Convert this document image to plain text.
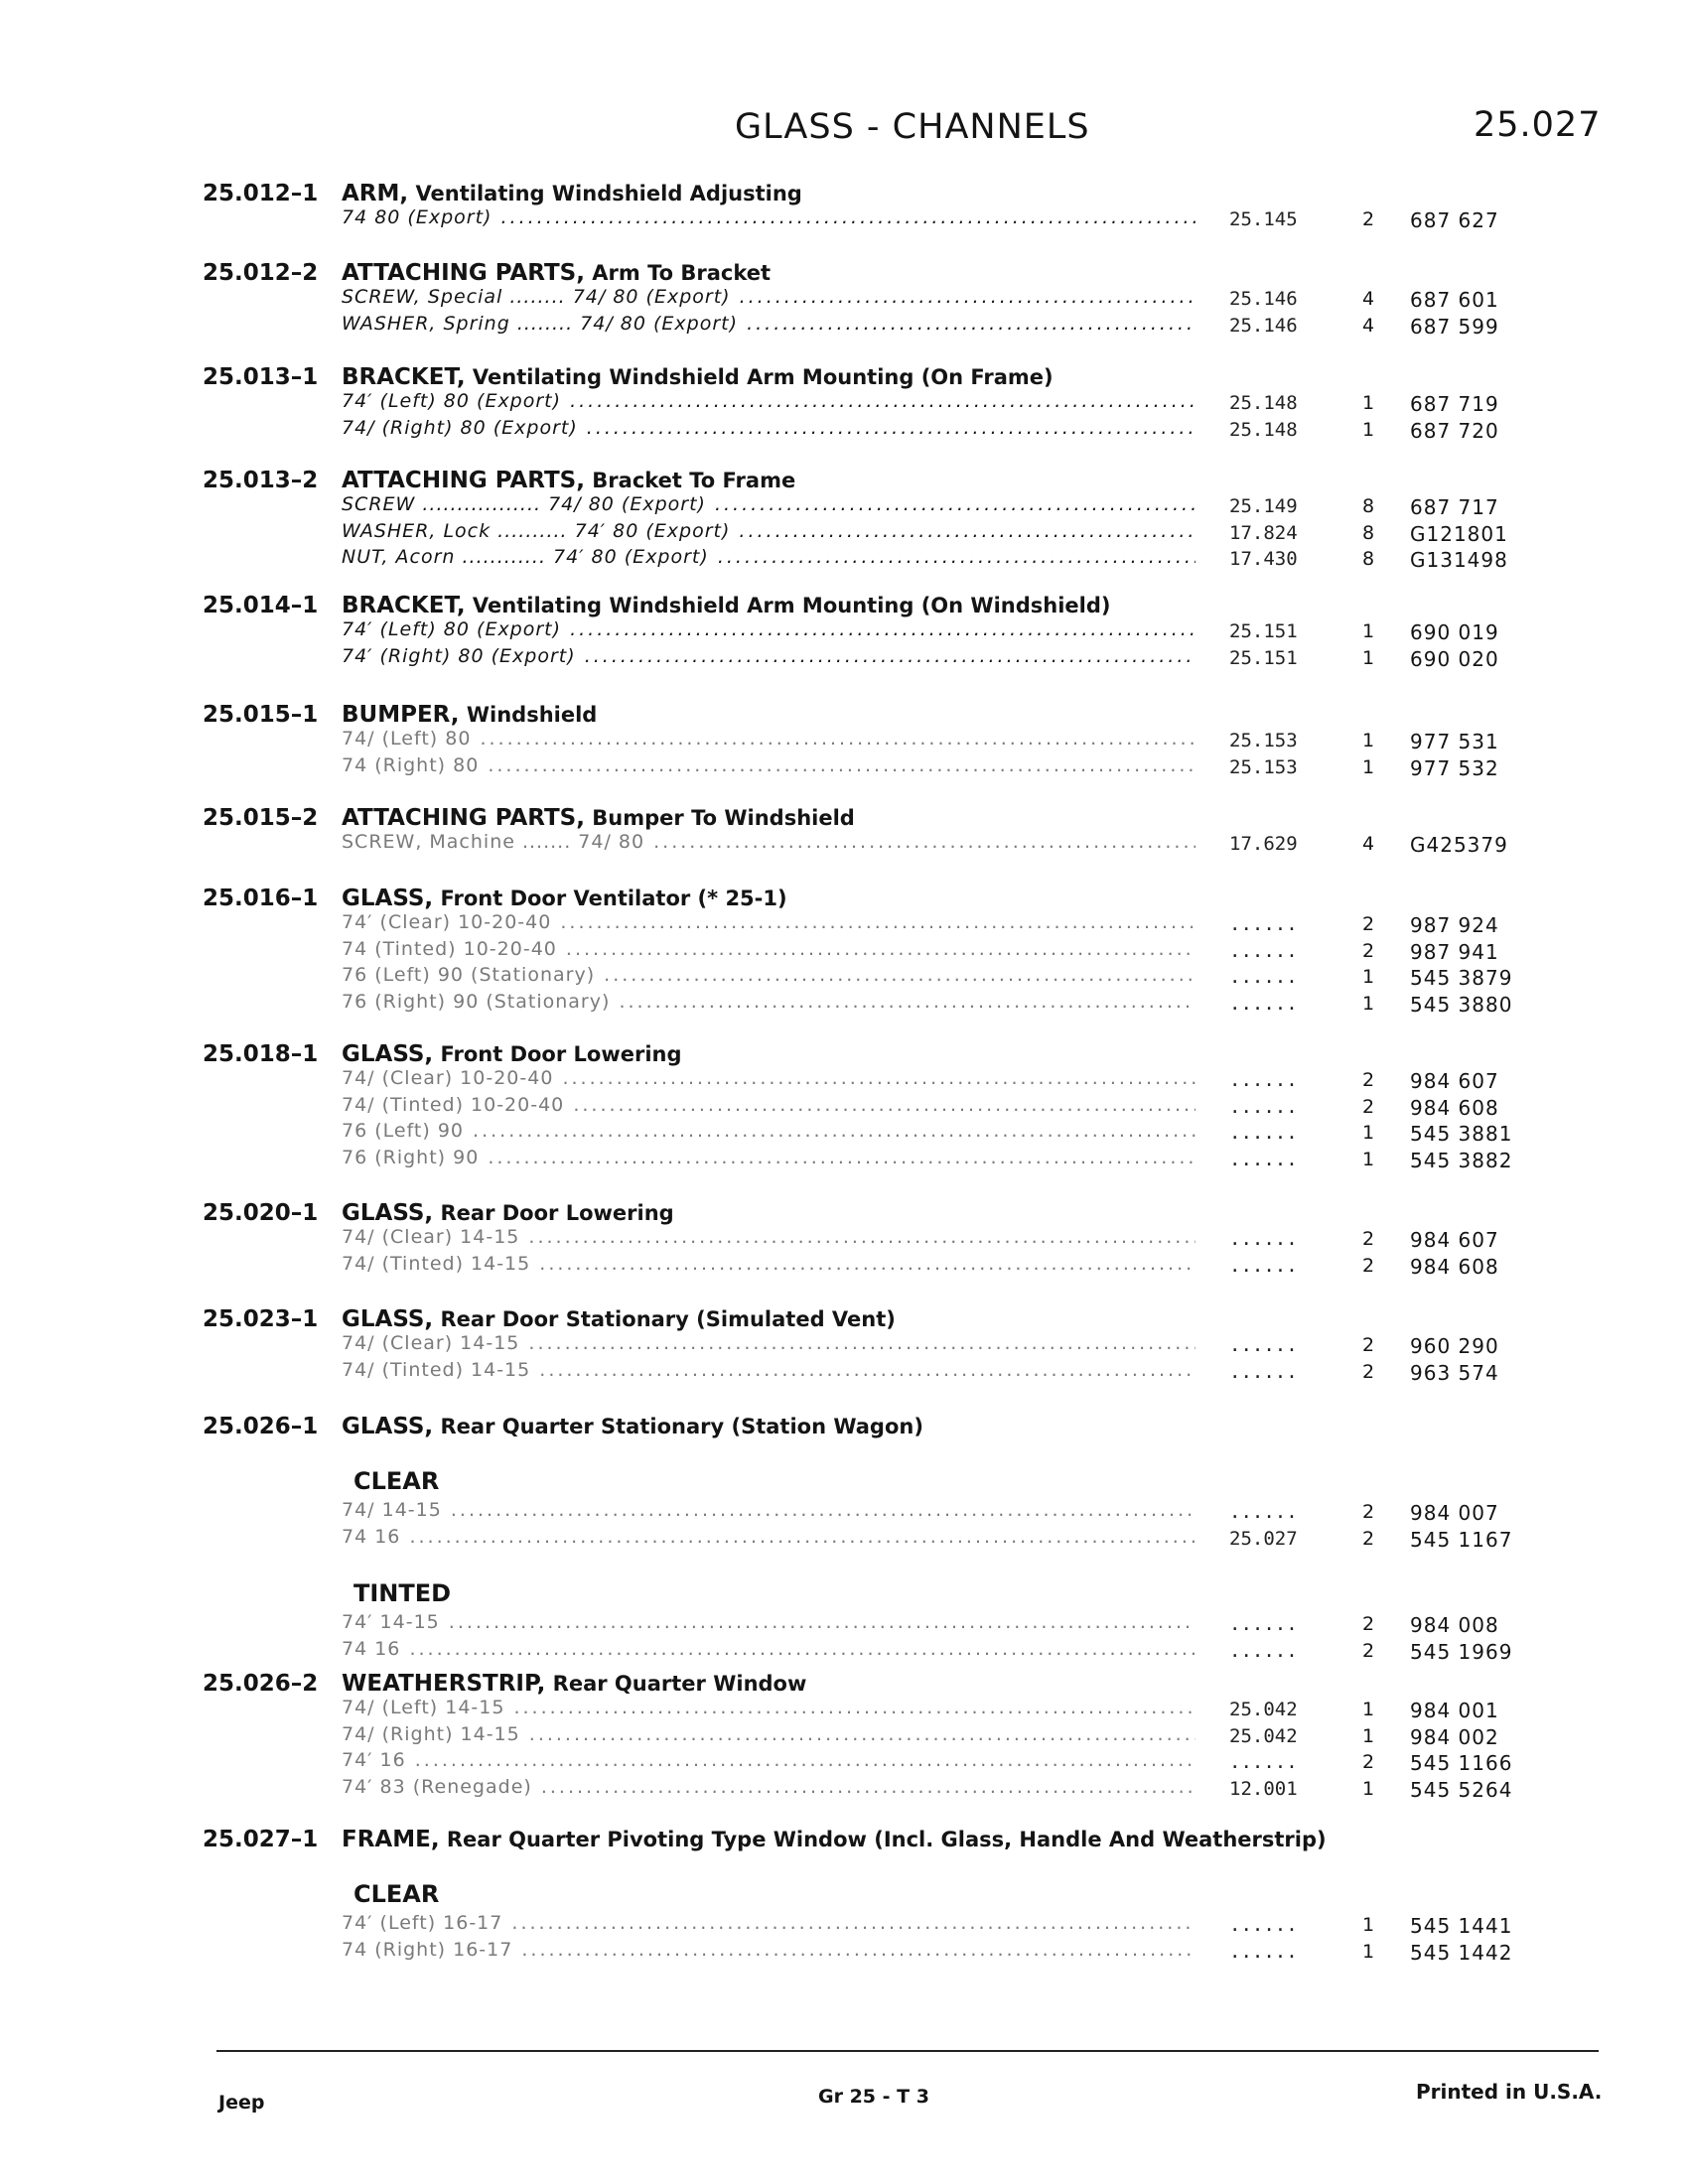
GLASS - CHANNELS	25.027
25.012–1 ARM, Ventilating Windshield Adjusting
74 80 (Export) .....	25.145	2 687 627
25.012–2 ATTACHING PARTS, Arm To Bracket
SCREW, Special ........ 74/ 80 (Export) .....	25.146	4 687 601
WASHER, Spring ........ 74/ 80 (Export) .....	25.146	4 687 599
25.013–1 BRACKET, Ventilating Windshield Arm Mounting (On Frame)
74′ (Left) 80 (Export) .....	25.148	1 687 719
74/ (Right) 80 (Export) .....	25.148	1 687 720
25.013–2 ATTACHING PARTS, Bracket To Frame
SCREW ................. 74/ 80 (Export) .....	25.149	8 687 717
WASHER, Lock .......... 74′ 80 (Export) .....	17.824	8 G121801
NUT, Acorn ............ 74′ 80 (Export) .....	17.430	8 G131498
25.014–1 BRACKET, Ventilating Windshield Arm Mounting (On Windshield)
74′ (Left) 80 (Export) .....	25.151	1 690 019
74′ (Right) 80 (Export) .....	25.151	1 690 020
25.015–1 BUMPER, Windshield
74/ (Left) 80 .....	25.153	1 977 531
74 (Right) 80 .....	25.153	1 977 532
25.015–2 ATTACHING PARTS, Bumper To Windshield
SCREW, Machine ....... 74/ 80 .....	17.629	4 G425379
25.016–1 GLASS, Front Door Ventilator (* 25-1)
74′ (Clear) 10-20-40 .....	......	2 987 924
74 (Tinted) 10-20-40 .....	......	2 987 941
76 (Left) 90 (Stationary) .....	......	1 545 3879
76 (Right) 90 (Stationary) .....	......	1 545 3880
25.018–1 GLASS, Front Door Lowering
74/ (Clear) 10-20-40 .....	......	2 984 607
74/ (Tinted) 10-20-40 .....	......	2 984 608
76 (Left) 90 .....	......	1 545 3881
76 (Right) 90 .....	......	1 545 3882
25.020–1 GLASS, Rear Door Lowering
74/ (Clear) 14-15 .....	......	2 984 607
74/ (Tinted) 14-15 .....	......	2 984 608
25.023–1 GLASS, Rear Door Stationary (Simulated Vent)
74/ (Clear) 14-15 .....	......	2 960 290
74/ (Tinted) 14-15 .....	......	2 963 574
25.026–1 GLASS, Rear Quarter Stationary (Station Wagon)
CLEAR
74/ 14-15 .....	......	2 984 007
74 16 .....	25.027	2 545 1167
TINTED
74′ 14-15 .....	......	2 984 008
74 16 .....	......	2 545 1969
25.026–2 WEATHERSTRIP, Rear Quarter Window
74/ (Left) 14-15 .....	25.042	1 984 001
74/ (Right) 14-15 .....	25.042	1 984 002
74′ 16 .....	......	2 545 1166
74′ 83 (Renegade) .....	12.001	1 545 5264
25.027–1 FRAME, Rear Quarter Pivoting Type Window (Incl. Glass, Handle And Weatherstrip)
CLEAR
74′ (Left) 16-17 .....	......	1 545 1441
74 (Right) 16-17 .....	......	1 545 1442
Jeep	Gr 25 - T 3	Printed in U.S.A.
